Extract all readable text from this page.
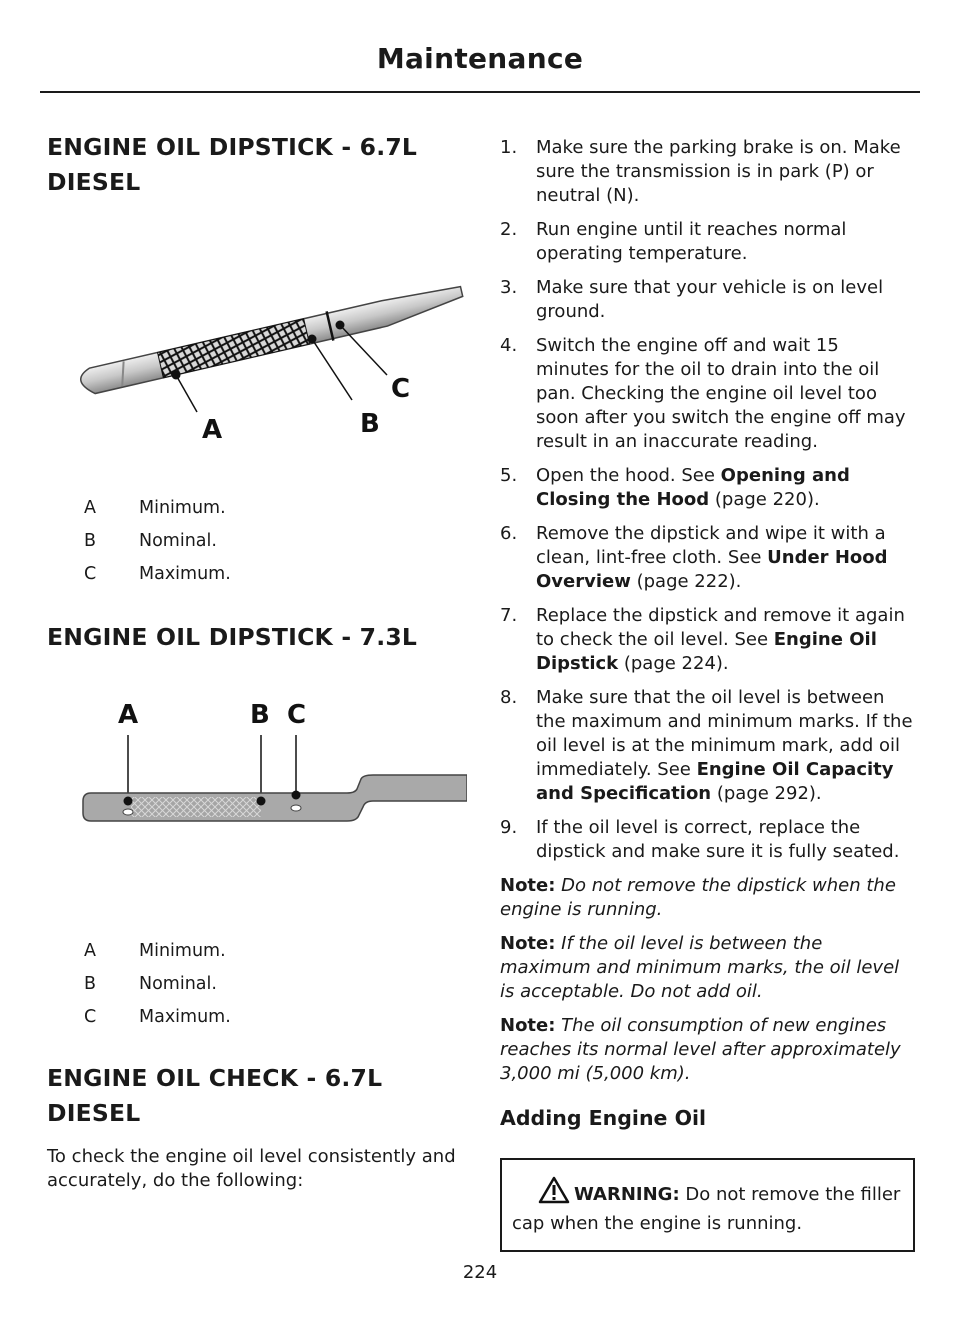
Maintenance
ENGINE OIL DIPSTICK - 6.7L
DIESEL
A	B
C
A	Minimum.
B	Nominal.
C	Maximum.
ENGINE OIL DIPSTICK - 7.3L
A	B C
A	Minimum.
B	Nominal.
C	Maximum.
ENGINE OIL CHECK - 6.7L
DIESEL

To check the engine oil level consistently and accurately, do the following:

1.	Make sure the parking brake is on. Make sure the transmission is in park (P) or neutral (N).
2.	Run engine until it reaches normal operating temperature.
3.	Make sure that your vehicle is on level ground.
4.	Switch the engine off and wait 15 minutes for the oil to drain into the oil pan. Checking the engine oil level too soon after you switch the engine off may result in an inaccurate reading.
5.	Open the hood. See Opening and Closing the Hood (page 220).
6.	Remove the dipstick and wipe it with a clean, lint-free cloth. See Under Hood Overview (page 222).
7.	Replace the dipstick and remove it again to check the oil level. See Engine Oil Dipstick (page 224).
8.	Make sure that the oil level is between the maximum and minimum marks. If the oil level is at the minimum mark, add oil immediately. See Engine Oil Capacity and Specification (page 292).
9.	If the oil level is correct, replace the dipstick and make sure it is fully seated.
Note: Do not remove the dipstick when the engine is running.
Note: If the oil level is between the maximum and minimum marks, the oil level is acceptable. Do not add oil.
Note: The oil consumption of new engines reaches its normal level after approximately 3,000 mi (5,000 km).
Adding Engine Oil
WARNING: Do not remove the filler cap when the engine is running.
224
